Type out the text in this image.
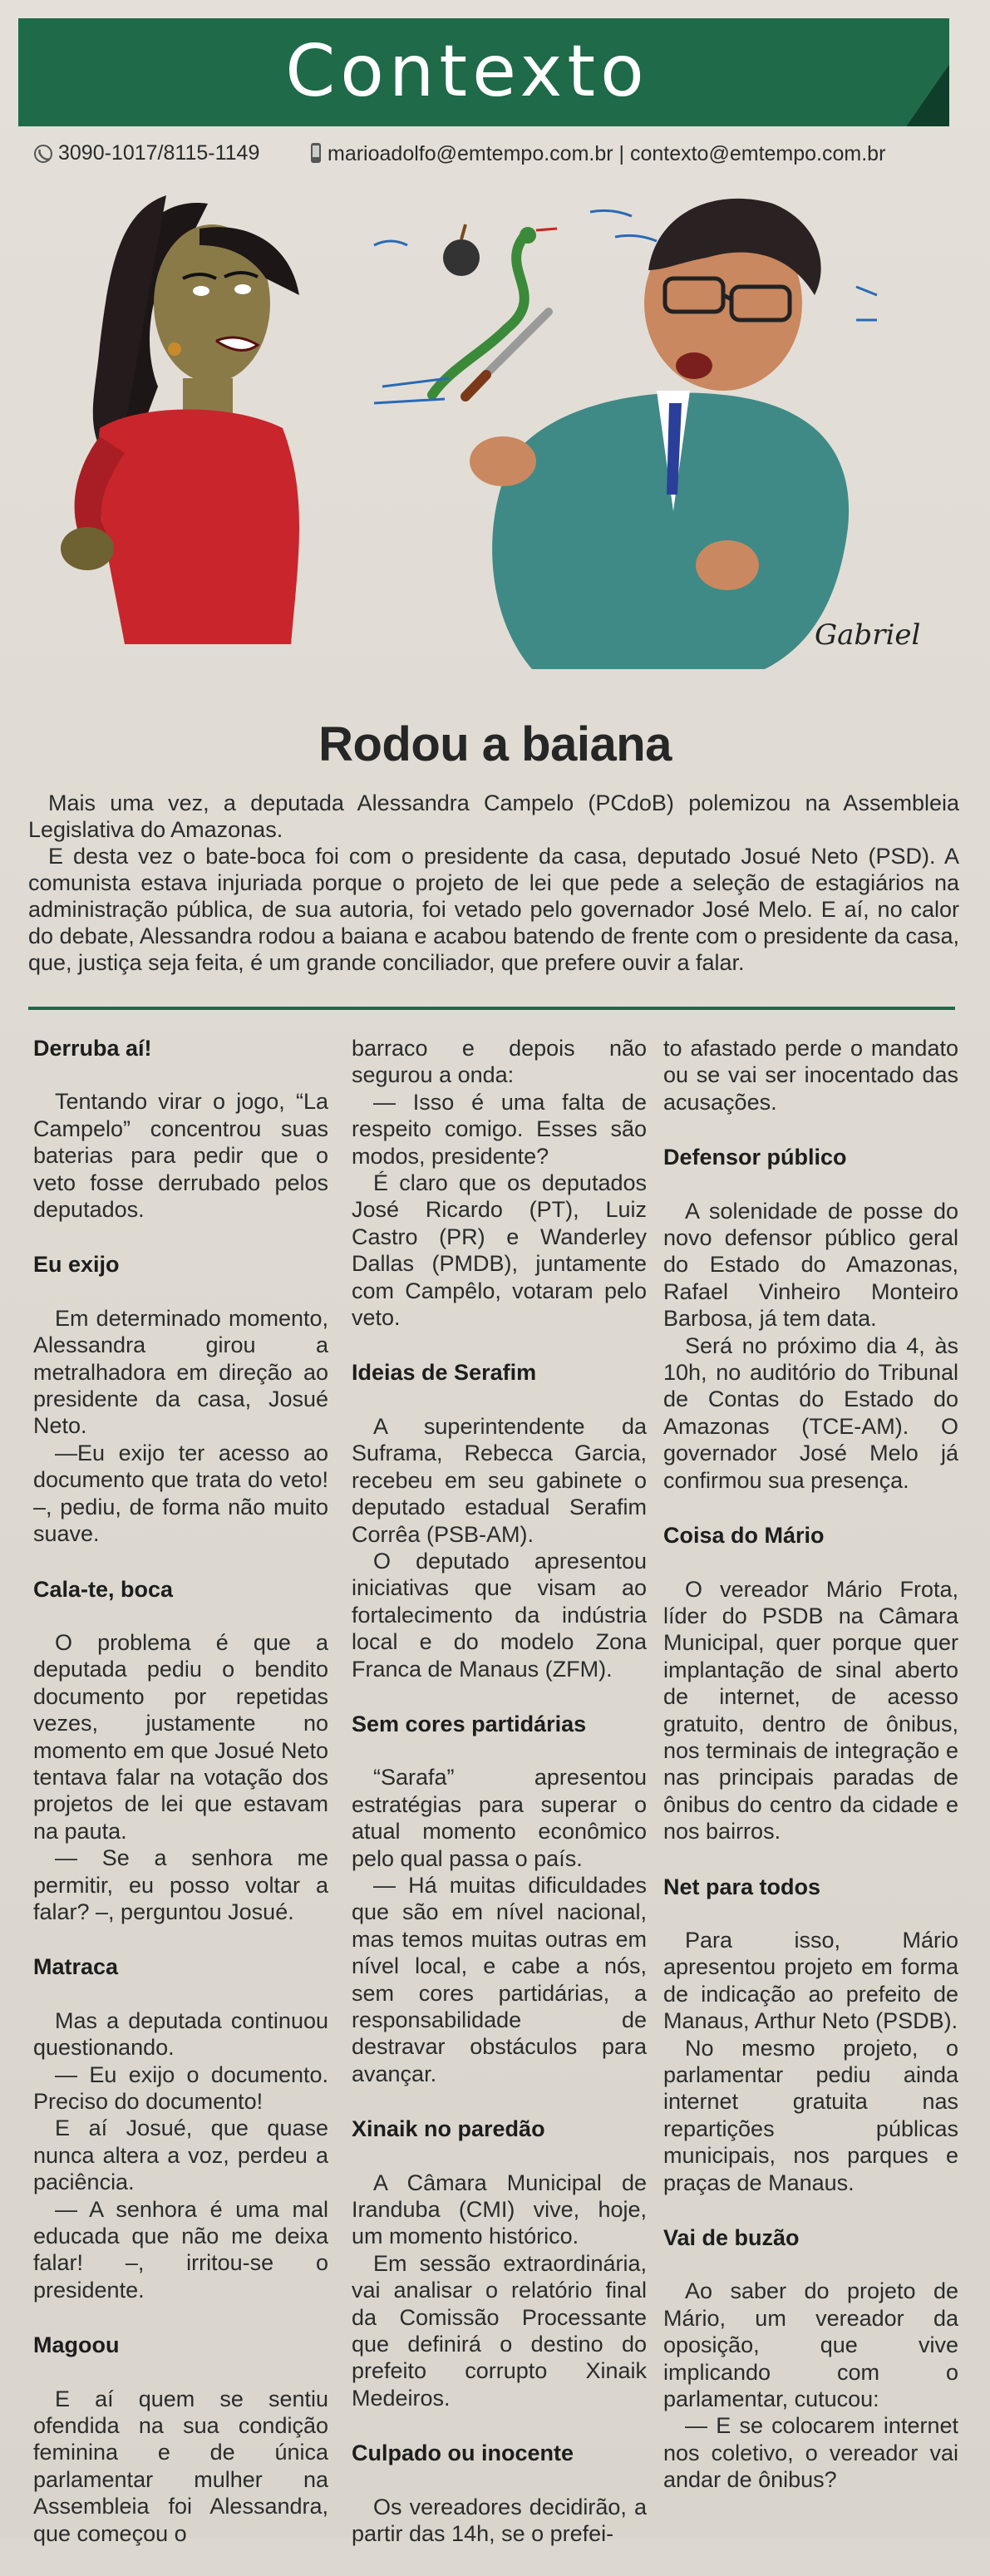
Contexto
3090-1017/8115-1149	marioadolfo@emtempo.com.br | contexto@emtempo.com.br
Gabriel
Rodou a baiana

Mais uma vez, a deputada Alessandra Campelo (PCdoB) polemizou na Assembleia Legislativa do Amazonas.

E desta vez o bate-boca foi com o presidente da casa, deputado Josué Neto (PSD). A comunista estava injuriada porque o projeto de lei que pede a seleção de estagiários na administração pública, de sua autoria, foi vetado pelo governador José Melo. E aí, no calor do debate, Alessandra rodou a baiana e acabou batendo de frente com o presidente da casa, que, justiça seja feita, é um grande conciliador, que prefere ouvir a falar.

Derruba aí!

Tentando virar o jogo, “La Campelo” concentrou suas baterias para pedir que o veto fosse derrubado pelos deputados.

Eu exijo

Em determinado momento, Alessandra girou a metralhadora em direção ao presidente da casa, Josué Neto.

—Eu exijo ter acesso ao documento que trata do veto! –, pediu, de forma não muito suave.

Cala-te, boca

O problema é que a deputada pediu o bendito documento por repetidas vezes, justamente no momento em que Josué Neto tentava falar na votação dos projetos de lei que estavam na pauta.

— Se a senhora me permitir, eu posso voltar a falar? –, perguntou Josué.

Matraca

Mas a deputada continuou questionando.

— Eu exijo o documento. Preciso do documento!

E aí Josué, que quase nunca altera a voz, perdeu a paciência.

— A senhora é uma mal educada que não me deixa falar! –, irritou-se o presidente.

Magoou

E aí quem se sentiu ofendida na sua condição feminina e de única parlamentar mulher na Assembleia foi Alessandra, que começou o

barraco e depois não segurou a onda:

— Isso é uma falta de respeito comigo. Esses são modos, presidente?

É claro que os deputados José Ricardo (PT), Luiz Castro (PR) e Wanderley Dallas (PMDB), juntamente com Campêlo, votaram pelo veto.

Ideias de Serafim

A superintendente da Suframa, Rebecca Garcia, recebeu em seu gabinete o deputado estadual Serafim Corrêa (PSB-AM).

O deputado apresentou iniciativas que visam ao fortalecimento da indústria local e do modelo Zona Franca de Manaus (ZFM).

Sem cores partidárias

“Sarafa” apresentou estratégias para superar o atual momento econômico pelo qual passa o país.

— Há muitas dificuldades que são em nível nacional, mas temos muitas outras em nível local, e cabe a nós, sem cores partidárias, a responsabilidade de destravar obstáculos para avançar.

Xinaik no paredão

A Câmara Municipal de Iranduba (CMI) vive, hoje, um momento histórico.

Em sessão extraordinária, vai analisar o relatório final da Comissão Processante que definirá o destino do prefeito corrupto Xinaik Medeiros.

Culpado ou inocente

Os vereadores decidirão, a partir das 14h, se o prefei-

to afastado perde o mandato ou se vai ser inocentado das acusações.

Defensor público

A solenidade de posse do novo defensor público geral do Estado do Amazonas, Rafael Vinheiro Monteiro Barbosa, já tem data.

Será no próximo dia 4, às 10h, no auditório do Tribunal de Contas do Estado do Amazonas (TCE-AM). O governador José Melo já confirmou sua presença.

Coisa do Mário

O vereador Mário Frota, líder do PSDB na Câmara Municipal, quer porque quer implantação de sinal aberto de internet, de acesso gratuito, dentro de ônibus, nos terminais de integração e nas principais paradas de ônibus do centro da cidade e nos bairros.

Net para todos

Para isso, Mário apresentou projeto em forma de indicação ao prefeito de Manaus, Arthur Neto (PSDB).

No mesmo projeto, o parlamentar pediu ainda internet gratuita nas repartições públicas municipais, nos parques e praças de Manaus.

Vai de buzão

Ao saber do projeto de Mário, um vereador da oposição, que vive implicando com o parlamentar, cutucou:

— E se colocarem internet nos coletivo, o vereador vai andar de ônibus?
